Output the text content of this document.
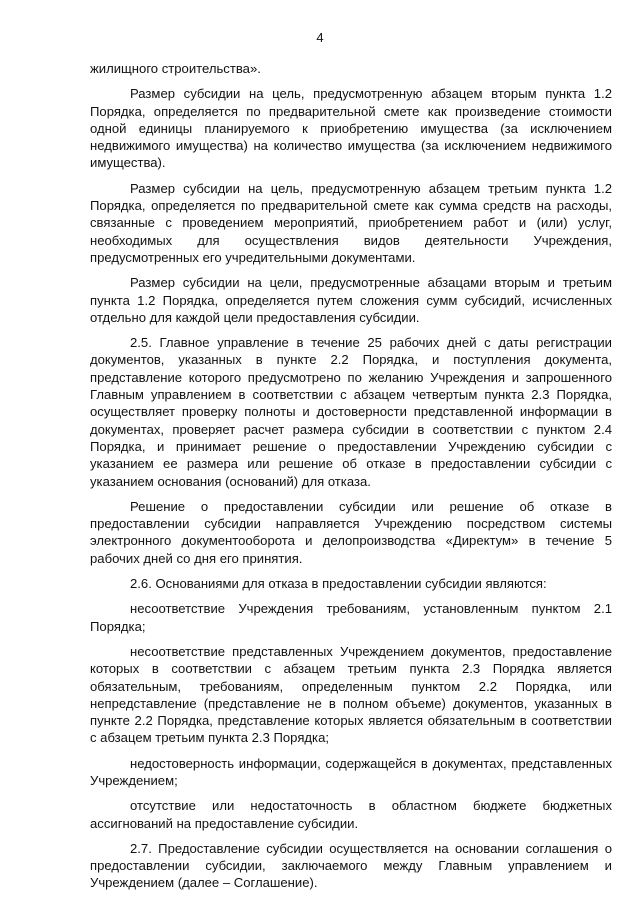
4

жилищного строительства».

Размер субсидии на цель, предусмотренную абзацем вторым пункта 1.2 Порядка, определяется по предварительной смете как произведение стоимости одной единицы планируемого к приобретению имущества (за исключением недвижимого имущества) на количество имущества (за исключением недвижимого имущества).

Размер субсидии на цель, предусмотренную абзацем третьим пункта 1.2 Порядка, определяется по предварительной смете как сумма средств на расходы, связанные с проведением мероприятий, приобретением работ и (или) услуг, необходимых для осуществления видов деятельности Учреждения, предусмотренных его учредительными документами.

Размер субсидии на цели, предусмотренные абзацами вторым и третьим пункта 1.2 Порядка, определяется путем сложения сумм субсидий, исчисленных отдельно для каждой цели предоставления субсидии.

2.5. Главное управление в течение 25 рабочих дней с даты регистрации документов, указанных в пункте 2.2 Порядка, и поступления документа, представление которого предусмотрено по желанию Учреждения и запрошенного Главным управлением в соответствии с абзацем четвертым пункта 2.3 Порядка, осуществляет проверку полноты и достоверности представленной информации в документах, проверяет расчет размера субсидии в соответствии с пунктом 2.4 Порядка, и принимает решение о предоставлении Учреждению субсидии с указанием ее размера или решение об отказе в предоставлении субсидии с указанием основания (оснований) для отказа.

Решение о предоставлении субсидии или решение об отказе в предоставлении субсидии направляется Учреждению посредством системы электронного документооборота и делопроизводства «Директум» в течение 5 рабочих дней со дня его принятия.

2.6. Основаниями для отказа в предоставлении субсидии являются:

несоответствие Учреждения требованиям, установленным пунктом 2.1 Порядка;

несоответствие представленных Учреждением документов, предоставление которых в соответствии с абзацем третьим пункта 2.3 Порядка является обязательным, требованиям, определенным пунктом 2.2 Порядка, или непредставление (представление не в полном объеме) документов, указанных в пункте 2.2 Порядка, представление которых является обязательным в соответствии с абзацем третьим пункта 2.3 Порядка;

недостоверность информации, содержащейся в документах, представленных Учреждением;

отсутствие или недостаточность в областном бюджете бюджетных ассигнований на предоставление субсидии.

2.7. Предоставление субсидии осуществляется на основании соглашения о предоставлении субсидии, заключаемого между Главным управлением и Учреждением (далее – Соглашение).
